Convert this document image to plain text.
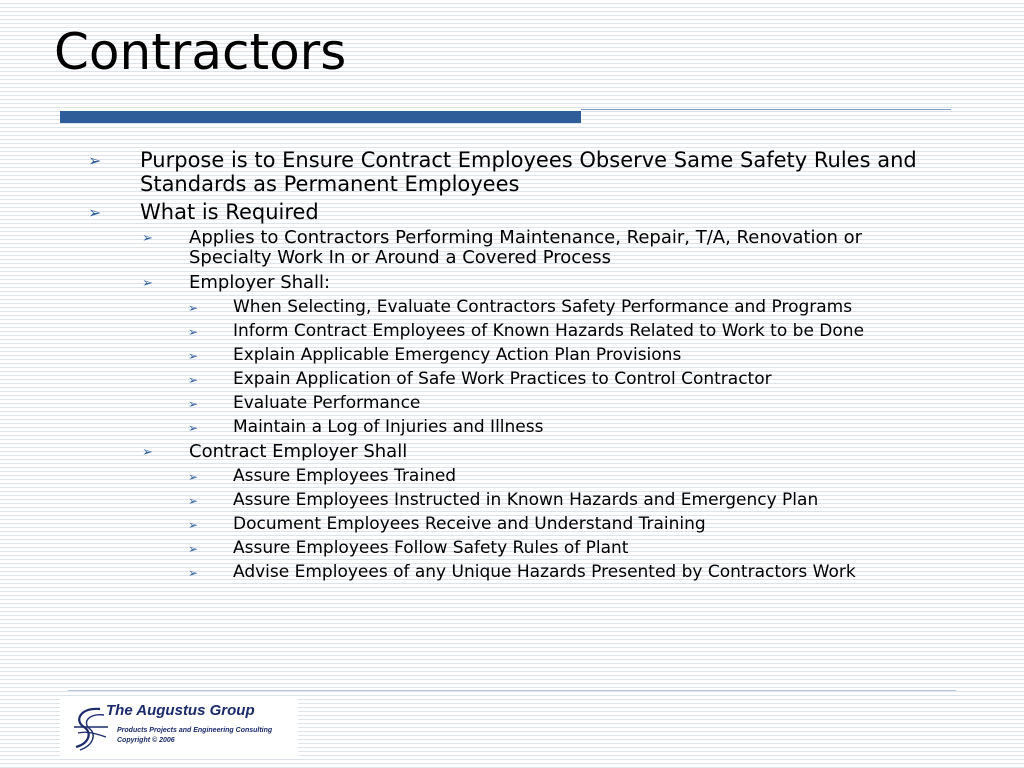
Contractors
➢ Purpose is to Ensure Contract Employees Observe Same Safety Rules and Standards as Permanent Employees
➢ What is Required
➢ Applies to Contractors Performing Maintenance, Repair, T/A, Renovation or Specialty Work In or Around a Covered Process
➢ Employer Shall:
➢ When Selecting, Evaluate Contractors Safety Performance and Programs
➢ Inform Contract Employees of Known Hazards Related to Work to be Done
➢ Explain Applicable Emergency Action Plan Provisions
➢ Expain Application of Safe Work Practices to Control Contractor
➢ Evaluate Performance
➢ Maintain a Log of Injuries and Illness
➢ Contract Employer Shall
➢ Assure Employees Trained
➢ Assure Employees Instructed in Known Hazards and Emergency Plan
➢ Document Employees Receive and Understand Training
➢ Assure Employees Follow Safety Rules of Plant
➢ Advise Employees of any Unique Hazards Presented by Contractors Work
The Augustus Group
Products Projects and Engineering Consulting
Copyright © 2006
